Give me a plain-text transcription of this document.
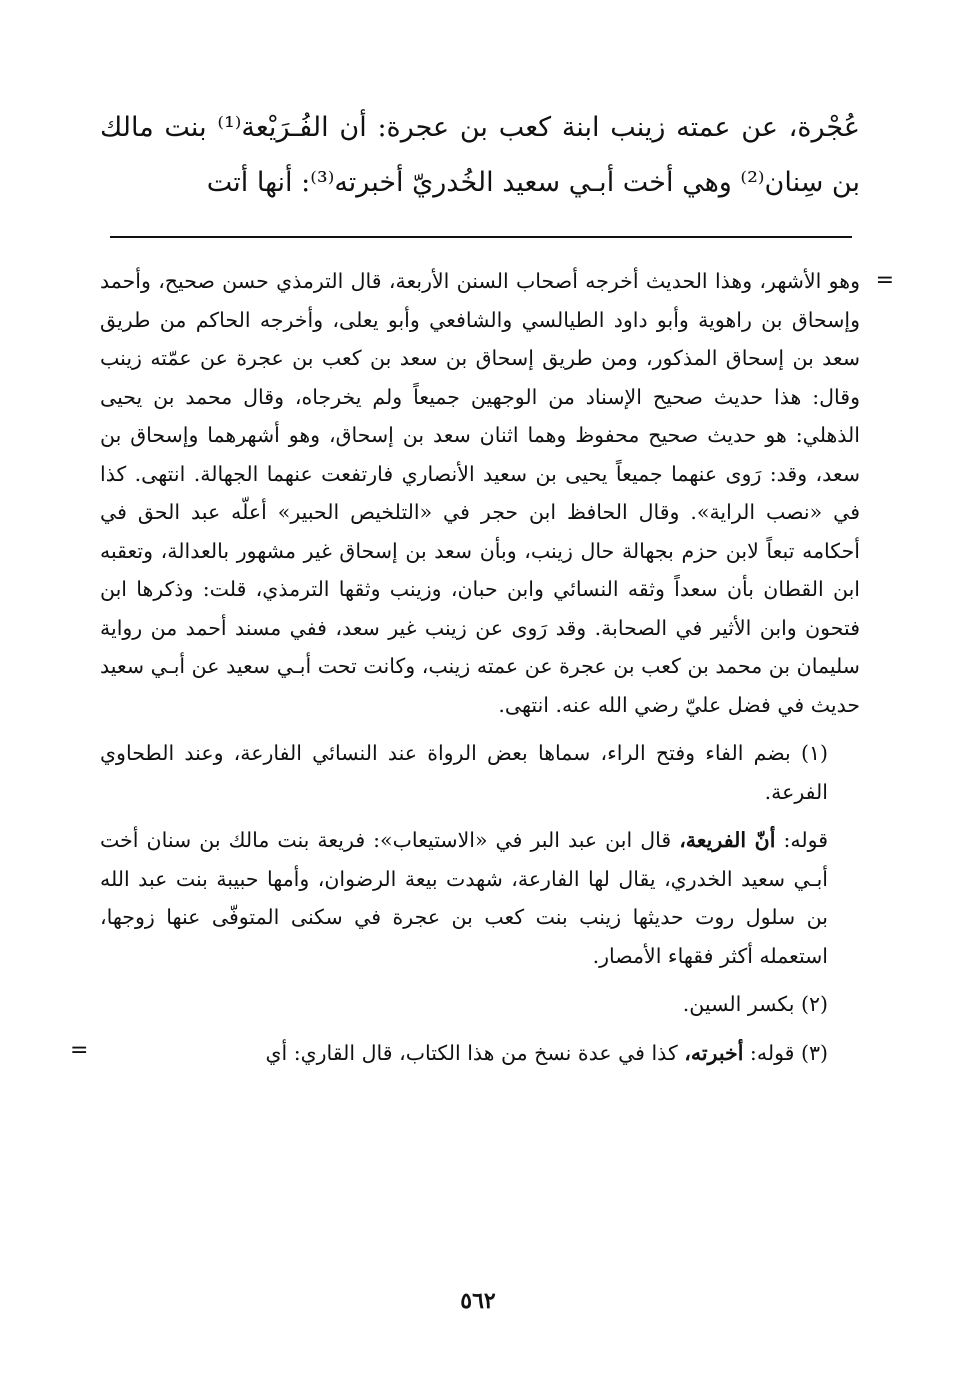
عُجْرة، عن عمته زينب ابنة كعب بن عجرة: أن الفُـرَيْعة⁽¹⁾ بنت مالك بن سِنان⁽²⁾ وهي أخت أبـي سعيد الخُدريّ أخبرته⁽³⁾: أنها أتت

=
وهو الأشهر، وهذا الحديث أخرجه أصحاب السنن الأربعة، قال الترمذي حسن صحيح، وأحمد وإسحاق بن راهوية وأبو داود الطيالسي والشافعي وأبو يعلى، وأخرجه الحاكم من طريق سعد بن إسحاق المذكور، ومن طريق إسحاق بن سعد بن كعب بن عجرة عن عمّته زينب وقال: هذا حديث صحيح الإسناد من الوجهين جميعاً ولم يخرجاه، وقال محمد بن يحيى الذهلي: هو حديث صحيح محفوظ وهما اثنان سعد بن إسحاق، وهو أشهرهما وإسحاق بن سعد، وقد: رَوى عنهما جميعاً يحيى بن سعيد الأنصاري فارتفعت عنهما الجهالة. انتهى. كذا في «نصب الراية». وقال الحافظ ابن حجر في «التلخيص الحبير» أعلّه عبد الحق في أحكامه تبعاً لابن حزم بجهالة حال زينب، وبأن سعد بن إسحاق غير مشهور بالعدالة، وتعقبه ابن القطان بأن سعداً وثقه النسائي وابن حبان، وزينب وثقها الترمذي، قلت: وذكرها ابن فتحون وابن الأثير في الصحابة. وقد رَوى عن زينب غير سعد، ففي مسند أحمد من رواية سليمان بن محمد بن كعب بن عجرة عن عمته زينب، وكانت تحت أبـي سعيد عن أبـي سعيد حديث في فضل عليّ رضي الله عنه. انتهى.

(١) بضم الفاء وفتح الراء، سماها بعض الرواة عند النسائي الفارعة، وعند الطحاوي الفرعة.

قوله: أنّ الفريعة، قال ابن عبد البر في «الاستيعاب»: فريعة بنت مالك بن سنان أخت أبـي سعيد الخدري، يقال لها الفارعة، شهدت بيعة الرضوان، وأمها حبيبة بنت عبد الله بن سلول روت حديثها زينب بنت كعب بن عجرة في سكنى المتوفّى عنها زوجها، استعمله أكثر فقهاء الأمصار.

(٢) بكسر السين.

(٣) قوله: أخبرته، كذا في عدة نسخ من هذا الكتاب، قال القاري: أي
=

٥٦٢
